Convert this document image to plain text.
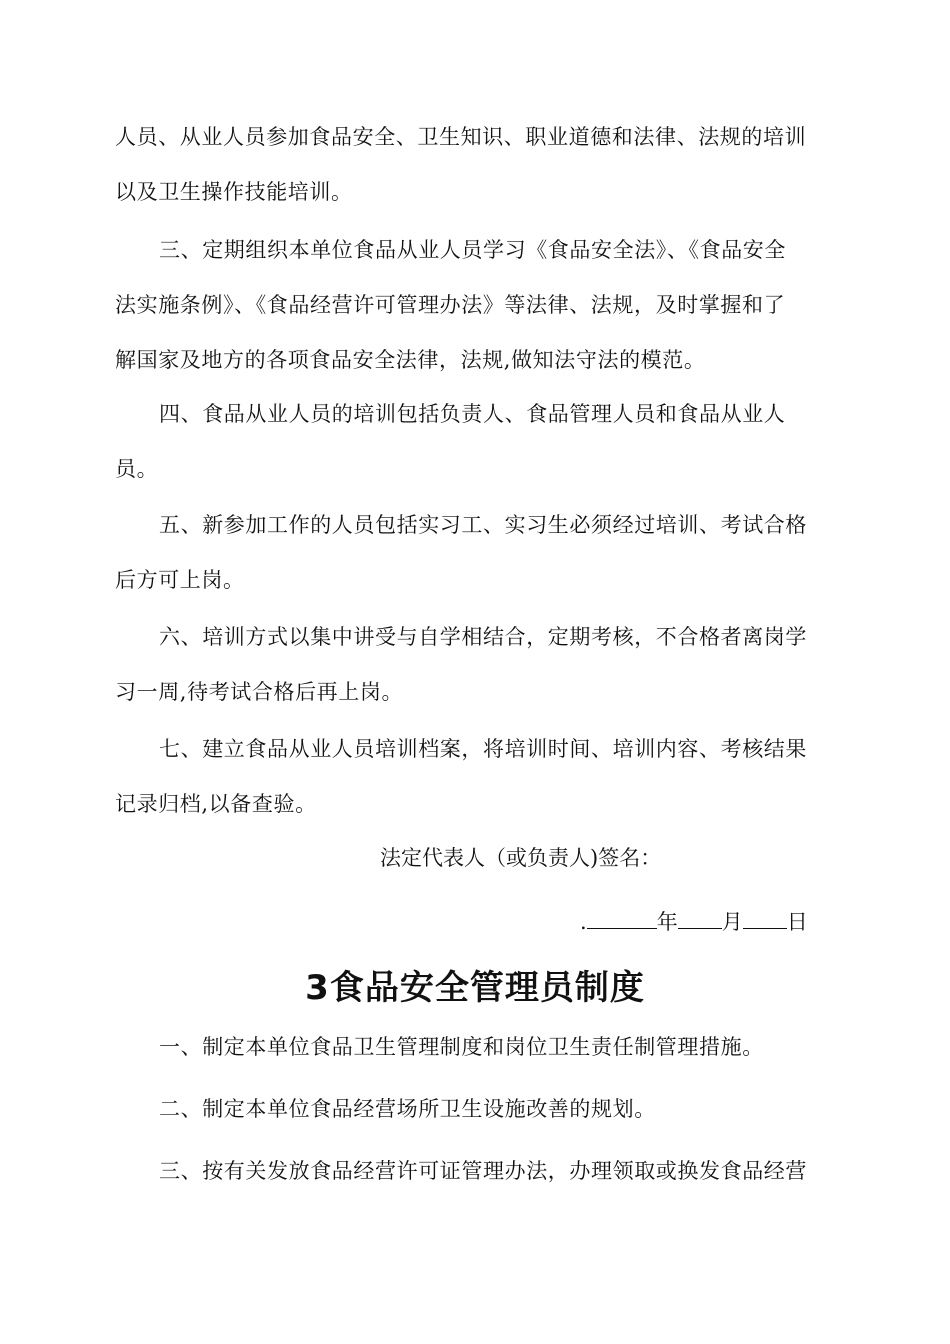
人员、从业人员参加食品安全、卫生知识、职业道德和法律、法规的培训
以及卫生操作技能培训。

三、定期组织本单位食品从业人员学习《食品安全法》、《食品安全
法实施条例》、《食品经营许可管理办法》等法律、法规，及时掌握和了
解国家及地方的各项食品安全法律，法规,做知法守法的模范。

四、食品从业人员的培训包括负责人、食品管理人员和食品从业人
员。

五、新参加工作的人员包括实习工、实习生必须经过培训、考试合格
后方可上岗。

六、培训方式以集中讲受与自学相结合，定期考核，不合格者离岗学
习一周,待考试合格后再上岗。

七、建立食品从业人员培训档案，将培训时间、培训内容、考核结果
记录归档,以备查验。

法定代表人（或负责人)签名：
.	年 月 日
3食品安全管理员制度

一、制定本单位食品卫生管理制度和岗位卫生责任制管理措施。

二、制定本单位食品经营场所卫生设施改善的规划。

三、按有关发放食品经营许可证管理办法，办理领取或换发食品经营
